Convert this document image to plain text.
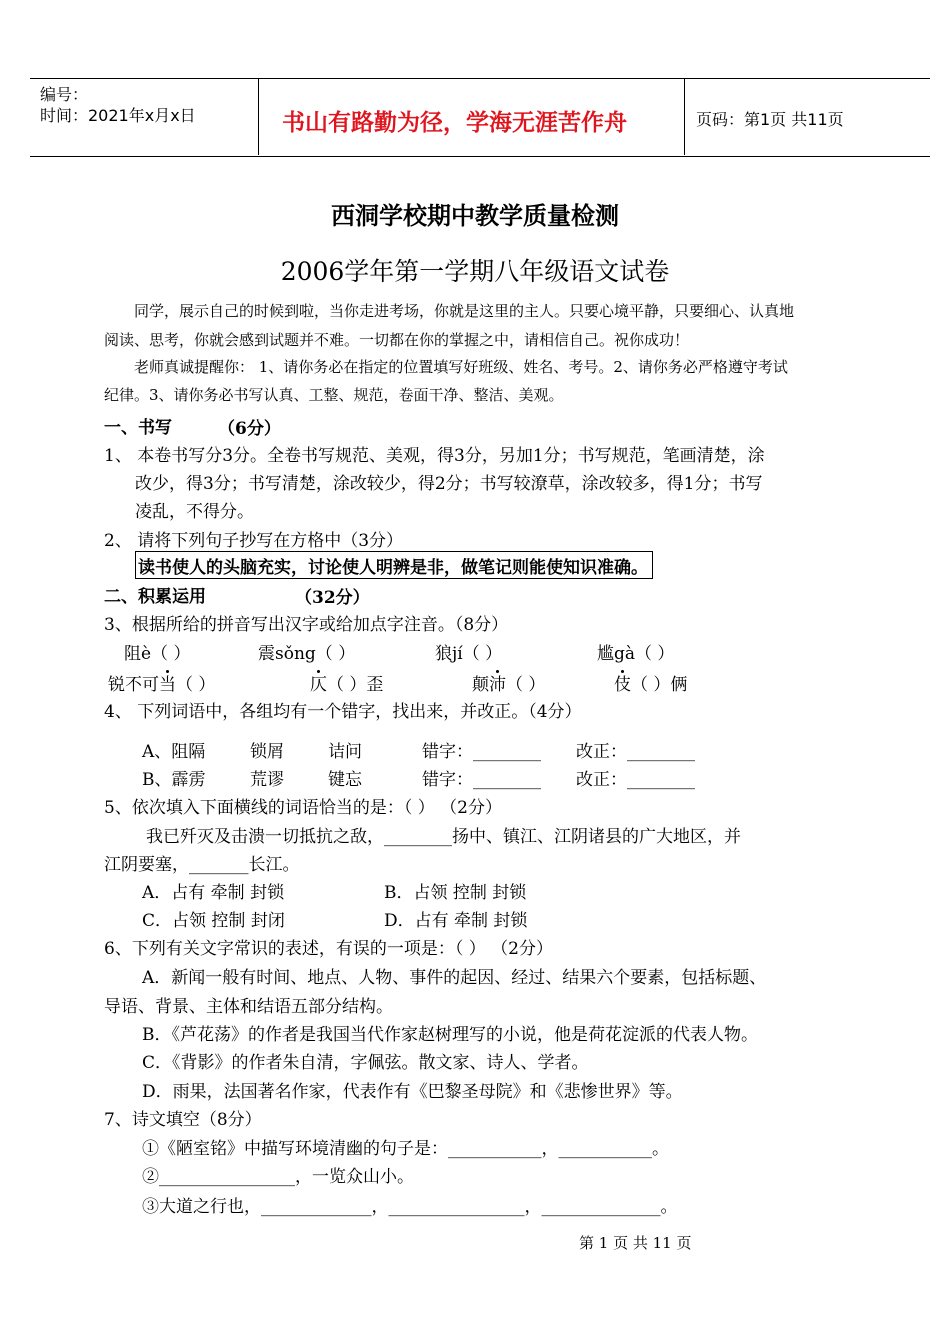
编号：
时间：2021年x月x日	书山有路勤为径，学海无涯苦作舟	页码：第1页 共11页
西洞学校期中教学质量检测
2006学年第一学期八年级语文试卷
同学，展示自己的时候到啦，当你走进考场，你就是这里的主人。只要心境平静，只要细心、认真地
阅读、思考，你就会感到试题并不难。一切都在你的掌握之中，请相信自己。祝你成功！
老师真诚提醒你： 1、请你务必在指定的位置填写好班级、姓名、考号。2、请你务必严格遵守考试
纪律。3、请你务必书写认真、工整、规范，卷面干净、整洁、美观。
一、书写	（6分）
1、 本卷书写分3分。全卷书写规范、美观，得3分，另加1分；书写规范，笔画清楚，涂
改少，得3分；书写清楚，涂改较少，得2分；书写较潦草，涂改较多，得1分；书写
凌乱，不得分。
2、 请将下列句子抄写在方格中（3分）
读书使人的头脑充实，讨论使人明辨是非，做笔记则能使知识准确。
二、积累运用	（32分）
3、根据所给的拼音写出汉字或给加点字注音。（8分）
阻è（ ）	震sǒng（ ）	狼jí（ ）	尴gà（ ）
锐不可当（ ）	仄（ ）歪	颠沛（ ）	伎（ ）俩
4、 下列词语中，各组均有一个错字，找出来，并改正。（4分）
A、阻隔	锁屑	诘问	错字：________ 改正：________
B、霹雳	荒谬	键忘	错字：________ 改正：________
5、依次填入下面横线的词语恰当的是：（ ） （2分）
我已歼灭及击溃一切抵抗之敌，________扬中、镇江、江阴诸县的广大地区，并
江阴要塞，_______长江。
A．占有 牵制 封锁	B．占领 控制 封锁
C．占领 控制 封闭	D．占有 牵制 封锁
6、下列有关文字常识的表述，有误的一项是：（ ） （2分）
A．新闻一般有时间、地点、人物、事件的起因、经过、结果六个要素，包括标题、
导语、背景、主体和结语五部分结构。
B．《芦花荡》的作者是我国当代作家赵树理写的小说，他是荷花淀派的代表人物。
C．《背影》的作者朱自清，字佩弦。散文家、诗人、学者。
D．雨果，法国著名作家，代表作有《巴黎圣母院》和《悲惨世界》等。
7、诗文填空（8分）
①《陋室铭》中描写环境清幽的句子是：___________，___________。
②________________，一览众山小。
③大道之行也，_____________，________________，______________。
第 1 页 共 11 页
